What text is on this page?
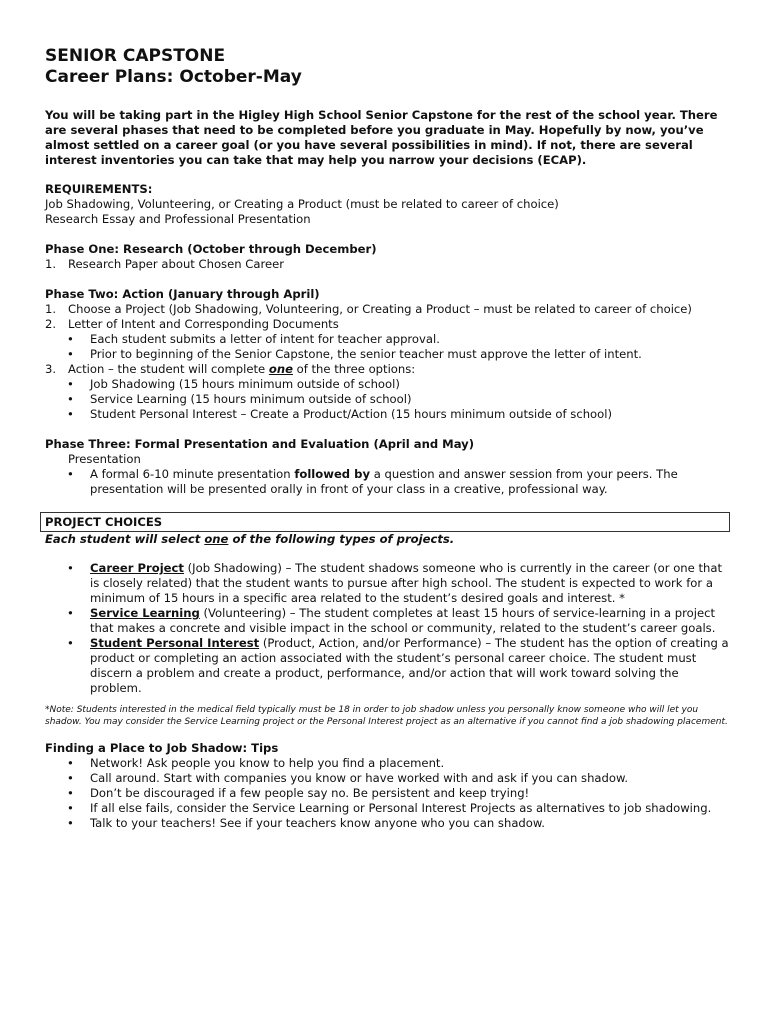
SENIOR CAPSTONE
Career Plans: October-May

You will be taking part in the Higley High School Senior Capstone for the rest of the school year. There are several phases that need to be completed before you graduate in May. Hopefully by now, you’ve almost settled on a career goal (or you have several possibilities in mind). If not, there are several interest inventories you can take that may help you narrow your decisions (ECAP).

REQUIREMENTS:

Job Shadowing, Volunteering, or Creating a Product (must be related to career of choice)

Research Essay and Professional Presentation

Phase One: Research (October through December)

1. Research Paper about Chosen Career

Phase Two: Action (January through April)

1. Choose a Project (Job Shadowing, Volunteering, or Creating a Product – must be related to career of choice)
2. Letter of Intent and Corresponding Documents
• Each student submits a letter of intent for teacher approval.
• Prior to beginning of the Senior Capstone, the senior teacher must approve the letter of intent.
3. Action – the student will complete one of the three options:
• Job Shadowing (15 hours minimum outside of school)
• Service Learning (15 hours minimum outside of school)
• Student Personal Interest – Create a Product/Action (15 hours minimum outside of school)

Phase Three: Formal Presentation and Evaluation (April and May)

Presentation

• A formal 6-10 minute presentation followed by a question and answer session from your peers. The presentation will be presented orally in front of your class in a creative, professional way.
PROJECT CHOICES

Each student will select one of the following types of projects.

• Career Project (Job Shadowing) – The student shadows someone who is currently in the career (or one that is closely related) that the student wants to pursue after high school. The student is expected to work for a minimum of 15 hours in a specific area related to the student’s desired goals and interest. *
• Service Learning (Volunteering) – The student completes at least 15 hours of service-learning in a project that makes a concrete and visible impact in the school or community, related to the student’s career goals.
• Student Personal Interest (Product, Action, and/or Performance) – The student has the option of creating a product or completing an action associated with the student’s personal career choice. The student must discern a problem and create a product, performance, and/or action that will work toward solving the problem.

*Note: Students interested in the medical field typically must be 18 in order to job shadow unless you personally know someone who will let you shadow. You may consider the Service Learning project or the Personal Interest project as an alternative if you cannot find a job shadowing placement.

Finding a Place to Job Shadow: Tips

• Network! Ask people you know to help you find a placement.
• Call around. Start with companies you know or have worked with and ask if you can shadow.
• Don’t be discouraged if a few people say no. Be persistent and keep trying!
• If all else fails, consider the Service Learning or Personal Interest Projects as alternatives to job shadowing.
• Talk to your teachers! See if your teachers know anyone who you can shadow.
